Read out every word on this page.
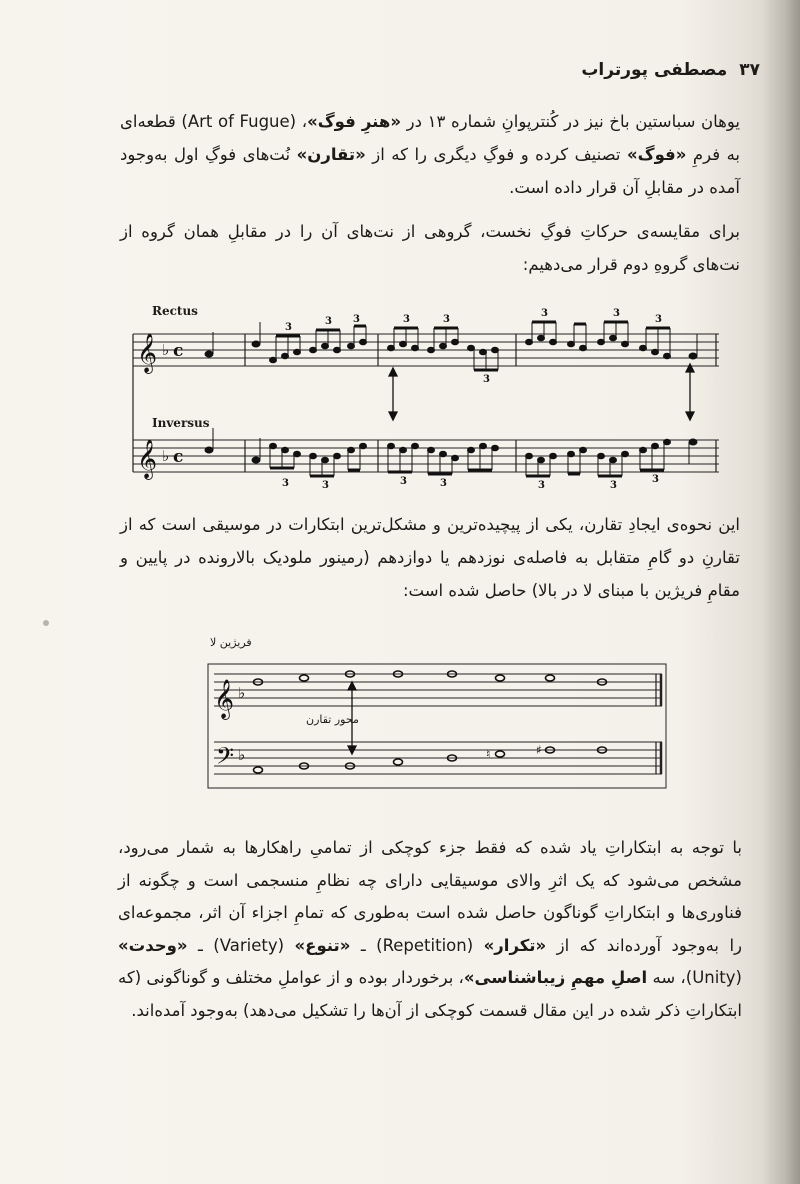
۳۷مصطفی پورتراب
یوهان سباستین باخ نیز در کُنترپوانِ شماره‌ ۱۳ در «هنرِ فوگ»، (Art of Fugue) قطعه‌ای به فرمِ «فوگ» تصنیف کرده و فوگِ دیگری را که از «تقارن» نُت‌های فوگِ اول به‌وجود آمده در مقابلِ آن قرار داده است.
برای مقایسه‌ی حرکاتِ فوگِ نخست، گروهی از نت‌های آن را در مقابلِ همان گروه از نت‌های گروهِ دوم قرار می‌دهیم:
𝄞
𝄞
♭
♭
c
c
3
3 3	3	3
3
3	3
3
3	3	3	3	3	3
3
Rectus
Inversus
این نحوه‌ی ایجادِ تقارن، یکی از پیچیده‌ترین و مشکل‌ترین ابتکارات در موسیقی است که از تقارنِ دو گامِ متقابل به فاصله‌ی نوزدهم یا دوازدهم (رمینور ملودیک بالارونده در پایین و مقامِ فریژین با مبنای لا در بالا) حاصل شده است:
𝄞
𝄢
♭
♭	♮	♯
فریژین لا
محور تقارن
با توجه به ابتکاراتِ یاد شده که فقط جزء کوچکی از تمامیِ راهکارها به شمار می‌رود، مشخص می‌شود که یک اثرِ والای موسیقایی دارای چه نظامِ منسجمی است و چگونه از فناوری‌ها و ابتکاراتِ گوناگون حاصل شده است به‌طوری که تمامِ اجزاء آن اثر، مجموعه‌ای را به‌وجود آورده‌اند که از «تکرار» (Repetition) ـ «تنوع» (Variety) ـ «وحدت» (Unity)، سه اصلِ مهمِ زیباشناسی»، برخوردار بوده و از عواملِ مختلف و گوناگونی (که ابتکاراتِ ذکر شده در این مقال قسمت کوچکی از آن‌ها را تشکیل می‌دهد) به‌وجود آمده‌اند.
